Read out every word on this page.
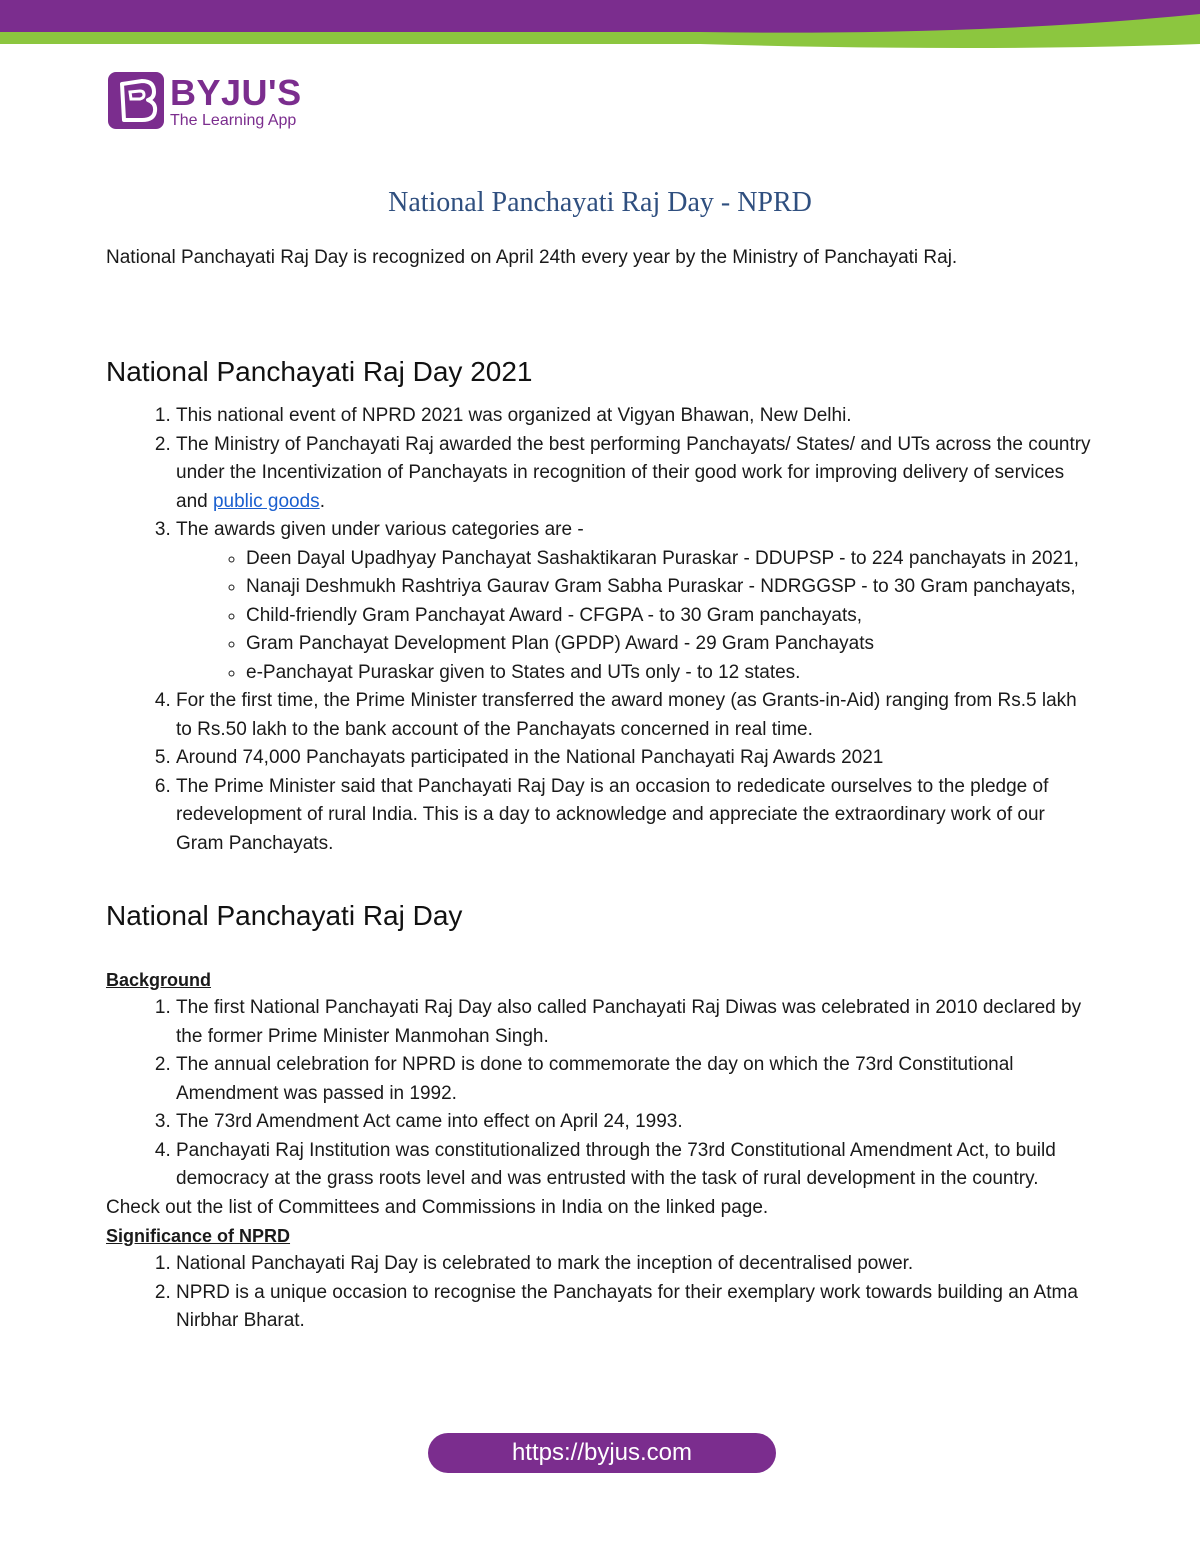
BYJU'S
The Learning App
National Panchayati Raj Day - NPRD

National Panchayati Raj Day is recognized on April 24th every year by the Ministry of Panchayati Raj.

National Panchayati Raj Day 2021
1. This national event of NPRD 2021 was organized at Vigyan Bhawan, New Delhi.
2. The Ministry of Panchayati Raj awarded the best performing Panchayats/ States/ and UTs across the country under the Incentivization of Panchayats in recognition of their good work for improving delivery of services and public goods.
3. The awards given under various categories are -
◦ Deen Dayal Upadhyay Panchayat Sashaktikaran Puraskar - DDUPSP - to 224 panchayats in 2021,
◦ Nanaji Deshmukh Rashtriya Gaurav Gram Sabha Puraskar - NDRGGSP - to 30 Gram panchayats,
◦ Child-friendly Gram Panchayat Award - CFGPA - to 30 Gram panchayats,
◦ Gram Panchayat Development Plan (GPDP) Award - 29 Gram Panchayats
◦ e-Panchayat Puraskar given to States and UTs only - to 12 states.
4. For the first time, the Prime Minister transferred the award money (as Grants-in-Aid) ranging from Rs.5 lakh to Rs.50 lakh to the bank account of the Panchayats concerned in real time.
5. Around 74,000 Panchayats participated in the National Panchayati Raj Awards 2021
6. The Prime Minister said that Panchayati Raj Day is an occasion to rededicate ourselves to the pledge of redevelopment of rural India. This is a day to acknowledge and appreciate the extraordinary work of our Gram Panchayats.
National Panchayati Raj Day

Background

1. The first National Panchayati Raj Day also called Panchayati Raj Diwas was celebrated in 2010 declared by the former Prime Minister Manmohan Singh.
2. The annual celebration for NPRD is done to commemorate the day on which the 73rd Constitutional Amendment was passed in 1992.
3. The 73rd Amendment Act came into effect on April 24, 1993.
4. Panchayati Raj Institution was constitutionalized through the 73rd Constitutional Amendment Act, to build democracy at the grass roots level and was entrusted with the task of rural development in the country.

Check out the list of Committees and Commissions in India on the linked page.

Significance of NPRD

1. National Panchayati Raj Day is celebrated to mark the inception of decentralised power.
2. NPRD is a unique occasion to recognise the Panchayats for their exemplary work towards building an Atma Nirbhar Bharat.
https://byjus.com
